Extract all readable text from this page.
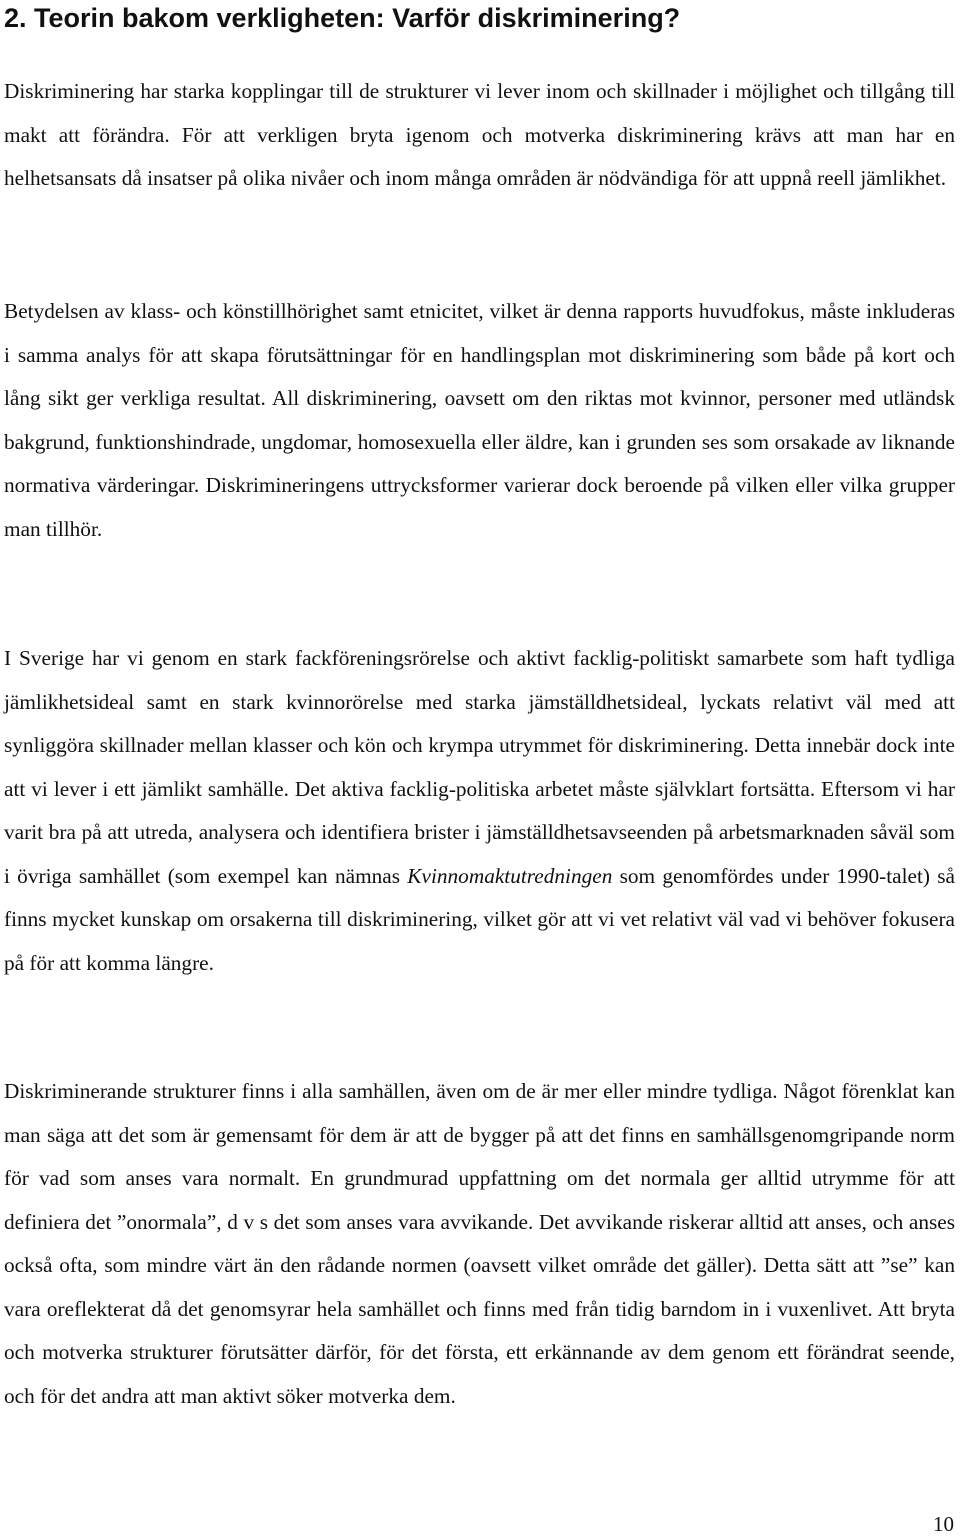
2. Teorin bakom verkligheten: Varför diskriminering?

Diskriminering har starka kopplingar till de strukturer vi lever inom och skillnader i möjlighet och tillgång till makt att förändra. För att verkligen bryta igenom och motverka diskriminering krävs att man har en helhetsansats då insatser på olika nivåer och inom många områden är nödvändiga för att uppnå reell jämlikhet.

Betydelsen av klass- och könstillhörighet samt etnicitet, vilket är denna rapports huvudfokus, måste inkluderas i samma analys för att skapa förutsättningar för en handlingsplan mot diskriminering som både på kort och lång sikt ger verkliga resultat. All diskriminering, oavsett om den riktas mot kvinnor, personer med utländsk bakgrund, funktionshindrade, ungdomar, homosexuella eller äldre, kan i grunden ses som orsakade av liknande normativa värderingar. Diskrimineringens uttrycksformer varierar dock beroende på vilken eller vilka grupper man tillhör.

I Sverige har vi genom en stark fackföreningsrörelse och aktivt facklig-politiskt samarbete som haft tydliga jämlikhetsideal samt en stark kvinnorörelse med starka jämställdhetsideal, lyckats relativt väl med att synliggöra skillnader mellan klasser och kön och krympa utrymmet för diskriminering. Detta innebär dock inte att vi lever i ett jämlikt samhälle. Det aktiva facklig-politiska arbetet måste självklart fortsätta. Eftersom vi har varit bra på att utreda, analysera och identifiera brister i jämställdhetsavseenden på arbetsmarknaden såväl som i övriga samhället (som exempel kan nämnas Kvinnomaktutredningen som genomfördes under 1990-talet) så finns mycket kunskap om orsakerna till diskriminering, vilket gör att vi vet relativt väl vad vi behöver fokusera på för att komma längre.

Diskriminerande strukturer finns i alla samhällen, även om de är mer eller mindre tydliga. Något förenklat kan man säga att det som är gemensamt för dem är att de bygger på att det finns en samhällsgenomgripande norm för vad som anses vara normalt. En grundmurad uppfattning om det normala ger alltid utrymme för att definiera det ”onormala”, d v s det som anses vara avvikande. Det avvikande riskerar alltid att anses, och anses också ofta, som mindre värt än den rådande normen (oavsett vilket område det gäller). Detta sätt att ”se” kan vara oreflekterat då det genomsyrar hela samhället och finns med från tidig barndom in i vuxenlivet. Att bryta och motverka strukturer förutsätter därför, för det första, ett erkännande av dem genom ett förändrat seende, och för det andra att man aktivt söker motverka dem.

10
